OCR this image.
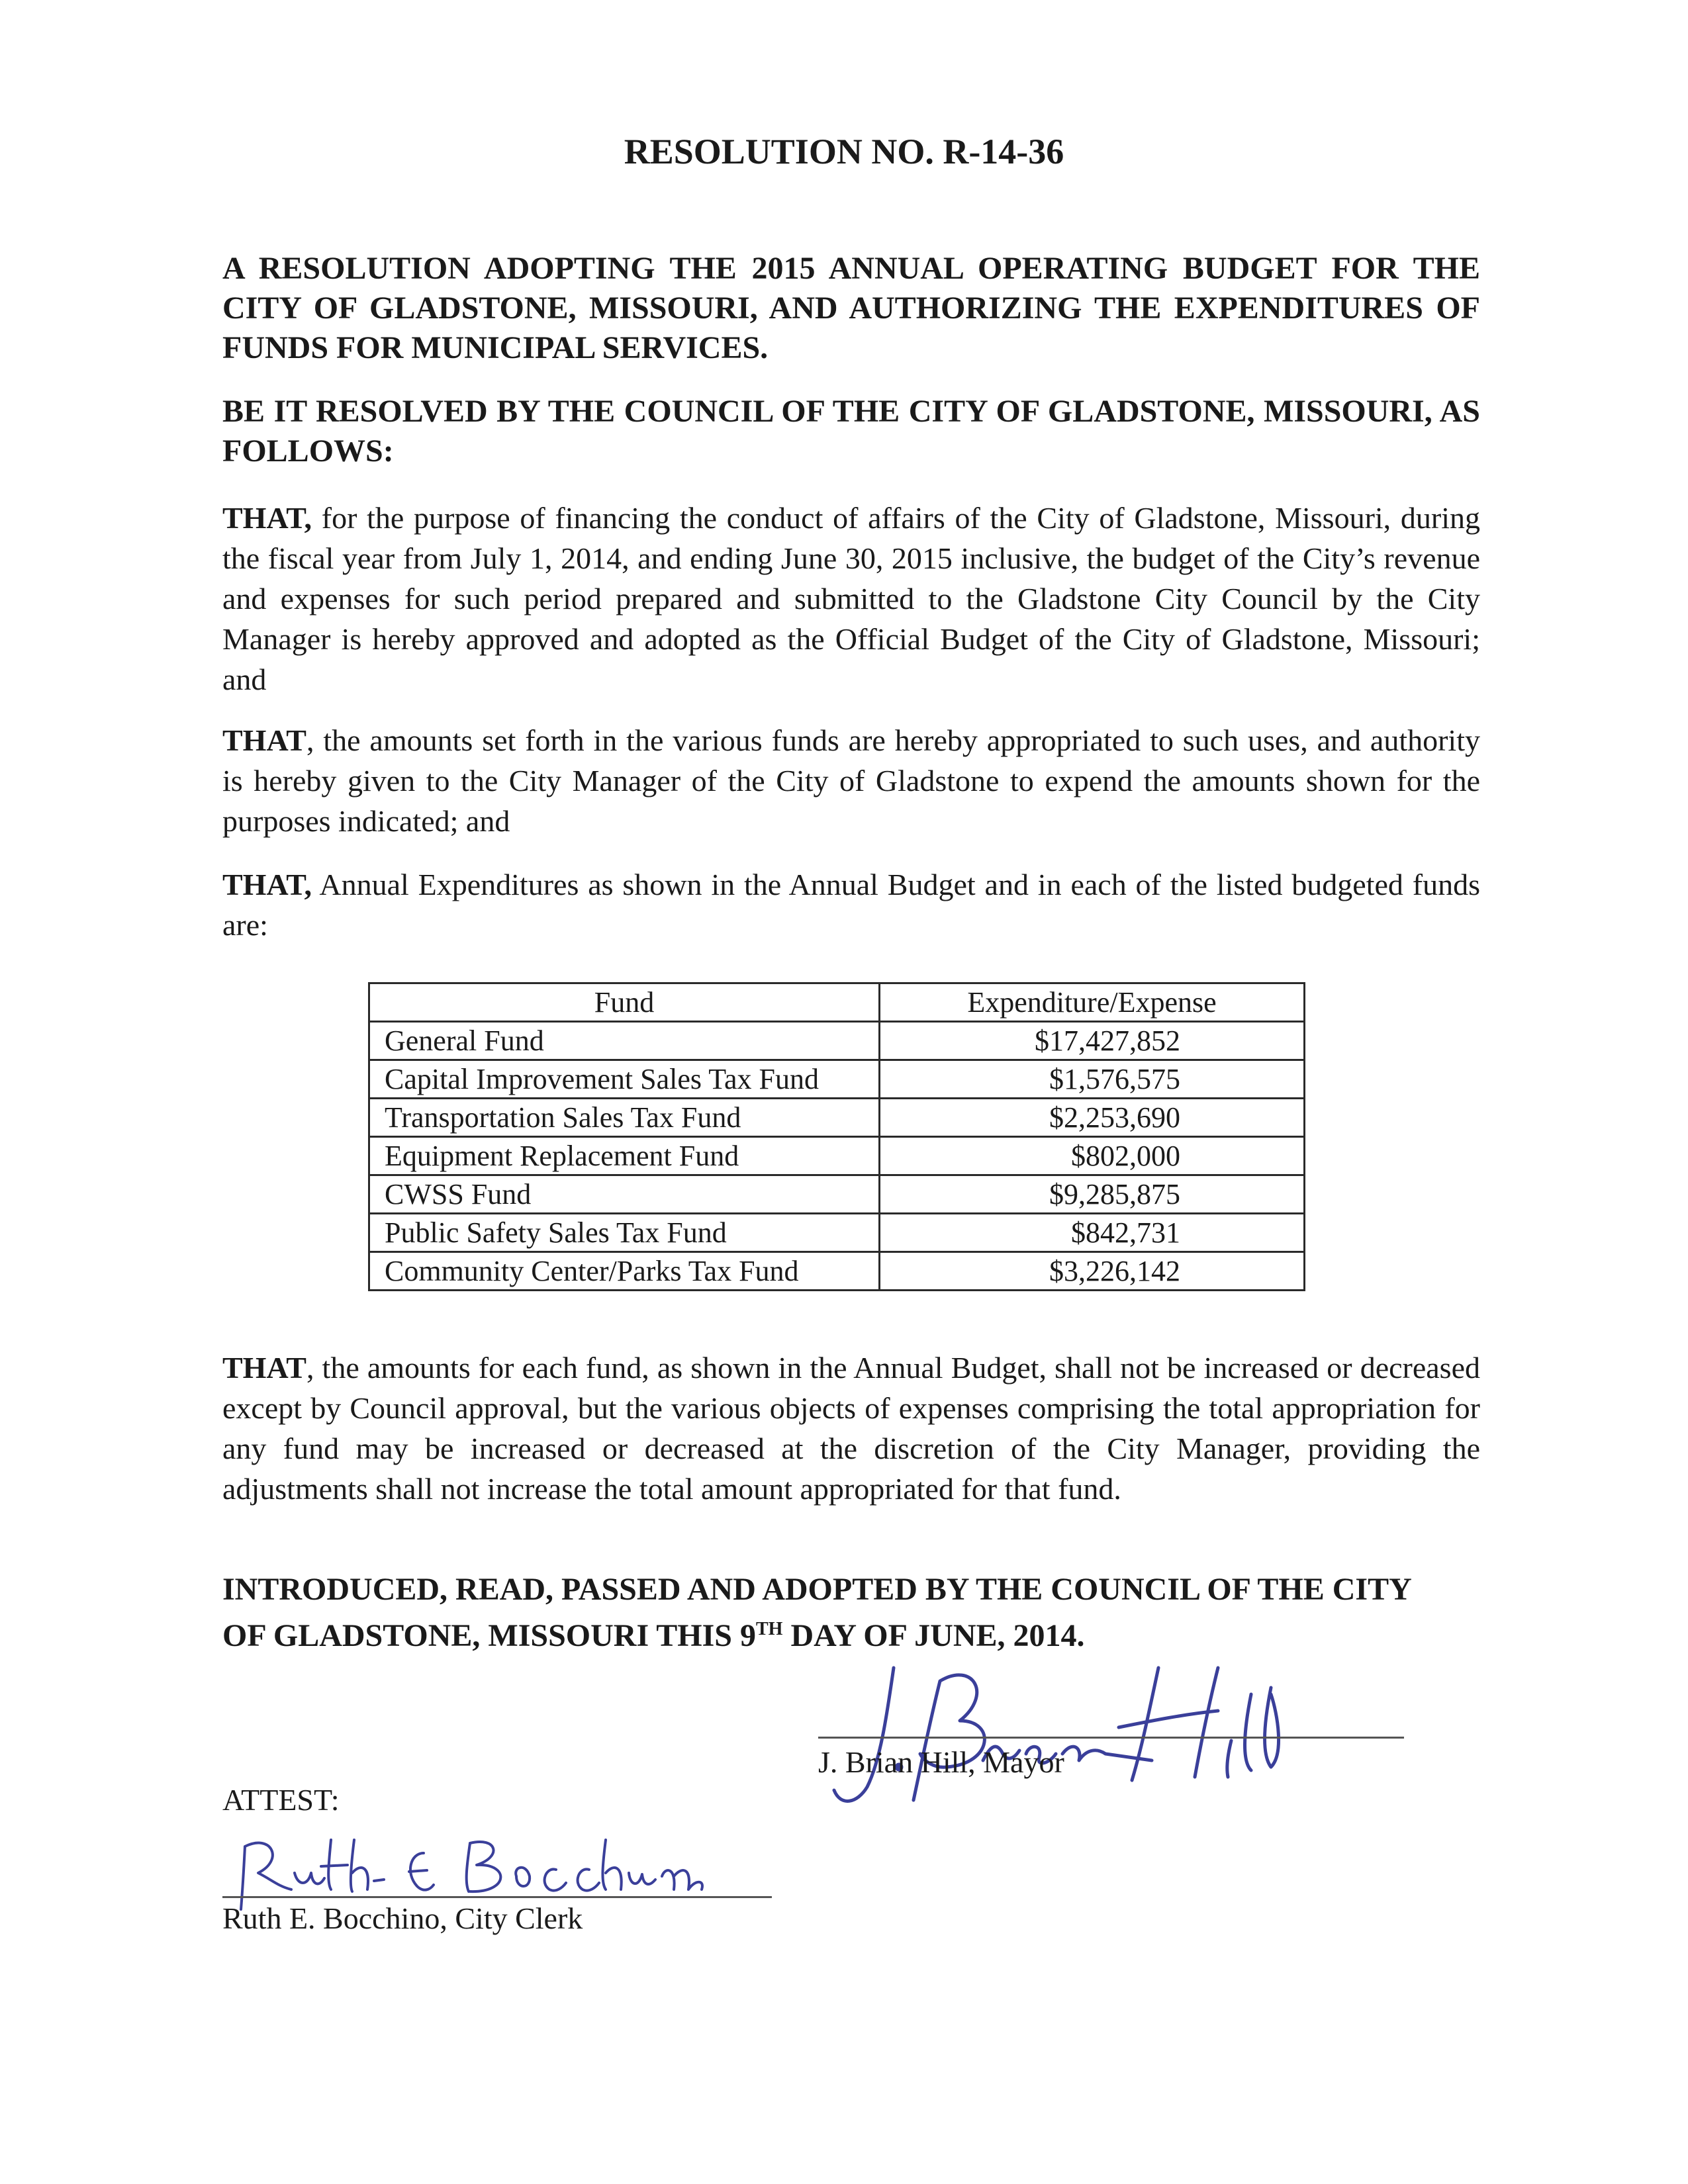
RESOLUTION NO. R-14-36

A RESOLUTION ADOPTING THE 2015 ANNUAL OPERATING BUDGET FOR THE CITY OF GLADSTONE, MISSOURI, AND AUTHORIZING THE EXPENDITURES OF FUNDS FOR MUNICIPAL SERVICES.

BE IT RESOLVED BY THE COUNCIL OF THE CITY OF GLADSTONE, MISSOURI, AS FOLLOWS:

THAT, for the purpose of financing the conduct of affairs of the City of Gladstone, Missouri, during the fiscal year from July 1, 2014, and ending June 30, 2015 inclusive, the budget of the City’s revenue and expenses for such period prepared and submitted to the Gladstone City Council by the City Manager is hereby approved and adopted as the Official Budget of the City of Gladstone, Missouri; and

THAT, the amounts set forth in the various funds are hereby appropriated to such uses, and authority is hereby given to the City Manager of the City of Gladstone to expend the amounts shown for the purposes indicated; and

THAT, Annual Expenditures as shown in the Annual Budget and in each of the listed budgeted funds are:

Fund	Expenditure/Expense
General Fund	$17,427,852
Capital Improvement Sales Tax Fund	$1,576,575
Transportation Sales Tax Fund	$2,253,690
Equipment Replacement Fund	$802,000
CWSS Fund	$9,285,875
Public Safety Sales Tax Fund	$842,731
Community Center/Parks Tax Fund	$3,226,142

THAT, the amounts for each fund, as shown in the Annual Budget, shall not be increased or decreased except by Council approval, but the various objects of expenses comprising the total appropriation for any fund may be increased or decreased at the discretion of the City Manager, providing the adjustments shall not increase the total amount appropriated for that fund.

INTRODUCED, READ, PASSED AND ADOPTED BY THE COUNCIL OF THE CITY
OF GLADSTONE, MISSOURI THIS 9TH DAY OF JUNE, 2014.

J. Brian Hill, Mayor

ATTEST:

Ruth E. Bocchino, City Clerk
